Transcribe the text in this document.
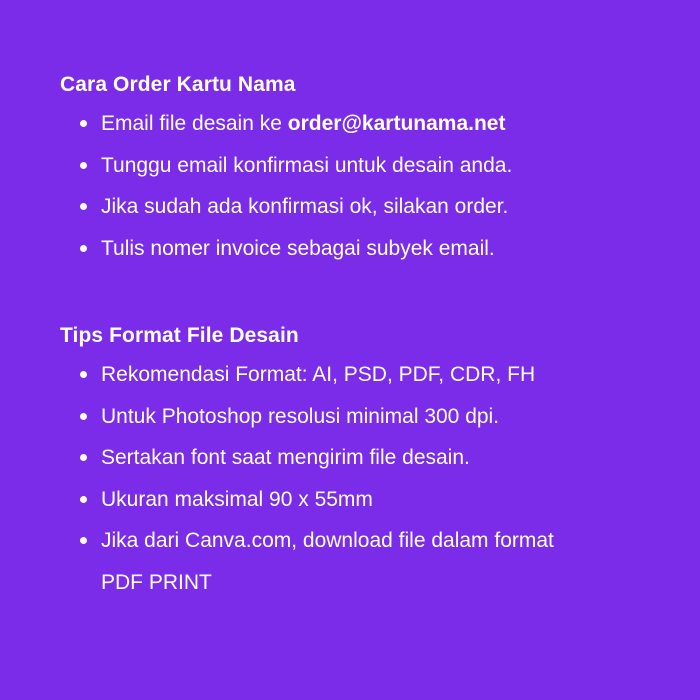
Cara Order Kartu Nama
Email file desain ke order@kartunama.net
Tunggu email konfirmasi untuk desain anda.
Jika sudah ada konfirmasi ok, silakan order.
Tulis nomer invoice sebagai subyek email.
Tips Format File Desain
Rekomendasi Format: AI, PSD, PDF, CDR, FH
Untuk Photoshop resolusi minimal 300 dpi.
Sertakan font saat mengirim file desain.
Ukuran maksimal 90 x 55mm
Jika dari Canva.com, download file dalam format
PDF PRINT
